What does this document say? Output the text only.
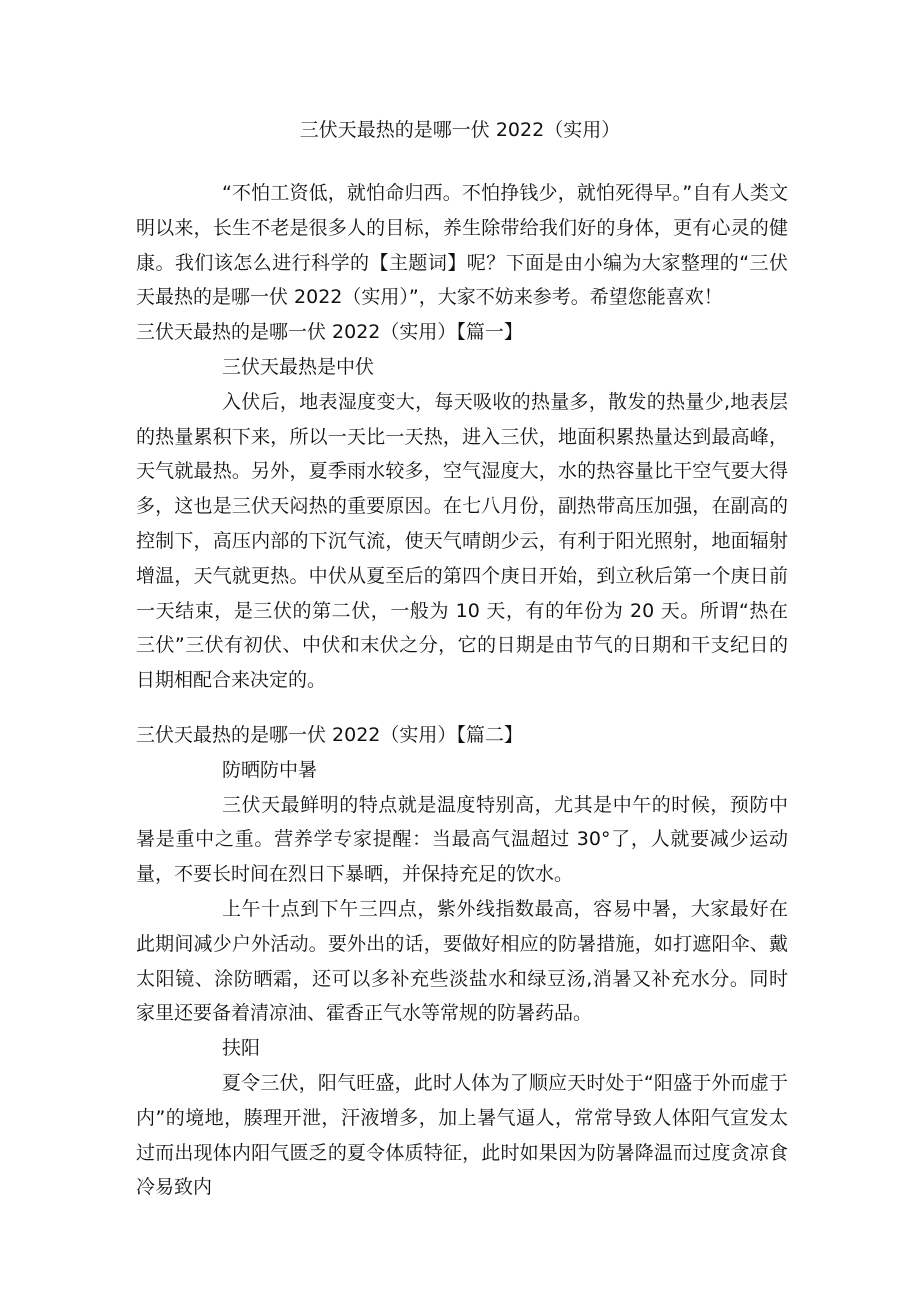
三伏天最热的是哪一伏 2022（实用）

“不怕工资低，就怕命归西。不怕挣钱少，就怕死得早。”自有人类文明以来，长生不老是很多人的目标，养生除带给我们好的身体，更有心灵的健康。我们该怎么进行科学的【主题词】呢？下面是由小编为大家整理的“三伏天最热的是哪一伏 2022（实用）”，大家不妨来参考。希望您能喜欢！

三伏天最热的是哪一伏 2022（实用）【篇一】

三伏天最热是中伏

入伏后，地表湿度变大，每天吸收的热量多，散发的热量少,地表层的热量累积下来，所以一天比一天热，进入三伏，地面积累热量达到最高峰，天气就最热。另外，夏季雨水较多，空气湿度大，水的热容量比干空气要大得多，这也是三伏天闷热的重要原因。在七八月份，副热带高压加强，在副高的控制下，高压内部的下沉气流，使天气晴朗少云，有利于阳光照射，地面辐射增温，天气就更热。中伏从夏至后的第四个庚日开始，到立秋后第一个庚日前一天结束，是三伏的第二伏，一般为 10 天，有的年份为 20 天。所谓“热在三伏”三伏有初伏、中伏和末伏之分，它的日期是由节气的日期和干支纪日的日期相配合来决定的。

三伏天最热的是哪一伏 2022（实用）【篇二】

防晒防中暑

三伏天最鲜明的特点就是温度特别高，尤其是中午的时候，预防中暑是重中之重。营养学专家提醒：当最高气温超过 30°了，人就要减少运动量，不要长时间在烈日下暴晒，并保持充足的饮水。

上午十点到下午三四点，紫外线指数最高，容易中暑，大家最好在此期间减少户外活动。要外出的话，要做好相应的防暑措施，如打遮阳伞、戴太阳镜、涂防晒霜，还可以多补充些淡盐水和绿豆汤,消暑又补充水分。同时家里还要备着清凉油、霍香正气水等常规的防暑药品。

扶阳

夏令三伏，阳气旺盛，此时人体为了顺应天时处于“阳盛于外而虚于内”的境地，腠理开泄，汗液增多，加上暑气逼人，常常导致人体阳气宣发太过而出现体内阳气匮乏的夏令体质特征，此时如果因为防暑降温而过度贪凉食冷易致内
